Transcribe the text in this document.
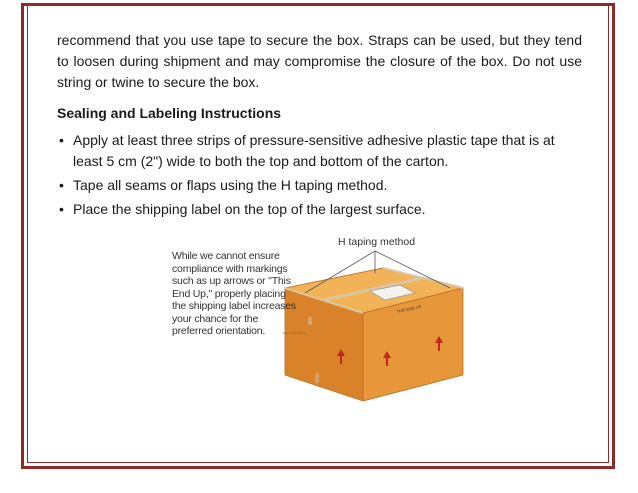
recommend that you use tape to secure the box. Straps can be used, but they tend to loosen during shipment and may compromise the closure of the box. Do not use string or twine to secure the box.

Sealing and Labeling Instructions
• Apply at least three strips of pressure-sensitive adhesive plastic tape that is at least 5 cm (2") wide to both the top and bottom of the carton.
• Tape all seams or flaps using the H taping method.
• Place the shipping label on the top of the largest surface.
THIS END UP
While we cannot ensure compliance with markings such as up arrows or "This End Up," properly placing the shipping label increases your chance for the preferred orientation.
H taping method
